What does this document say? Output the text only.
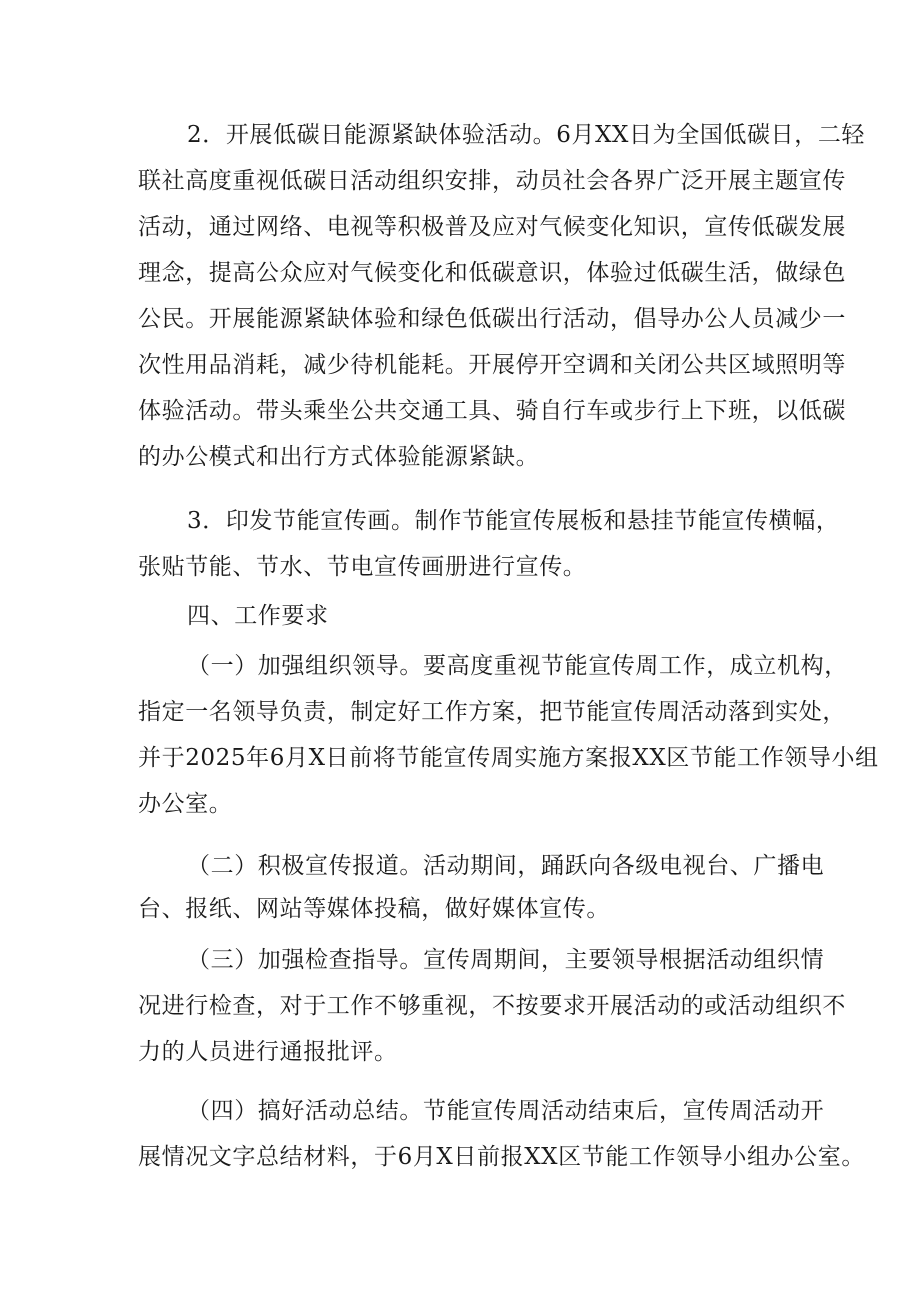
2．开展低碳日能源紧缺体验活动。6月XX日为全国低碳日，二轻
联社高度重视低碳日活动组织安排，动员社会各界广泛开展主题宣传
活动，通过网络、电视等积极普及应对气候变化知识，宣传低碳发展
理念，提高公众应对气候变化和低碳意识，体验过低碳生活，做绿色
公民。开展能源紧缺体验和绿色低碳出行活动，倡导办公人员减少一
次性用品消耗，减少待机能耗。开展停开空调和关闭公共区域照明等
体验活动。带头乘坐公共交通工具、骑自行车或步行上下班，以低碳
的办公模式和出行方式体验能源紧缺。
3．印发节能宣传画。制作节能宣传展板和悬挂节能宣传横幅，
张贴节能、节水、节电宣传画册进行宣传。
四、工作要求
（一）加强组织领导。要高度重视节能宣传周工作，成立机构，
指定一名领导负责，制定好工作方案，把节能宣传周活动落到实处，
并于2025年6月X日前将节能宣传周实施方案报XX区节能工作领导小组
办公室。
（二）积极宣传报道。活动期间，踊跃向各级电视台、广播电
台、报纸、网站等媒体投稿，做好媒体宣传。
（三）加强检查指导。宣传周期间，主要领导根据活动组织情
况进行检查，对于工作不够重视，不按要求开展活动的或活动组织不
力的人员进行通报批评。
（四）搞好活动总结。节能宣传周活动结束后，宣传周活动开
展情况文字总结材料，于6月X日前报XX区节能工作领导小组办公室。
